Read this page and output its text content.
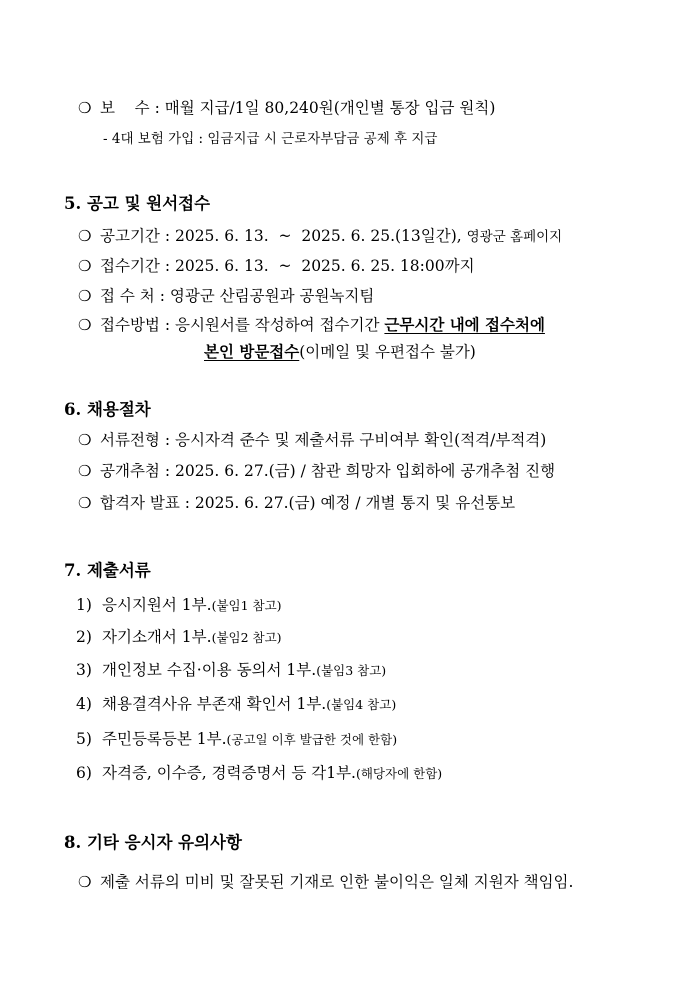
❍ 보    수 : 매월 지급/1일 80,240원(개인별 통장 입금 원칙)
- 4대 보험 가입 : 임금지급 시 근로자부담금 공제 후 지급
5. 공고 및 원서접수
❍ 공고기간 : 2025. 6. 13.  ~  2025. 6. 25.(13일간), 영광군 홈페이지
❍ 접수기간 : 2025. 6. 13.  ~  2025. 6. 25. 18:00까지
❍ 접 수 처 : 영광군 산림공원과 공원녹지팀
❍ 접수방법 : 응시원서를 작성하여 접수기간 근무시간 내에 접수처에
본인 방문접수(이메일 및 우편접수 불가)
6. 채용절차
❍ 서류전형 : 응시자격 준수 및 제출서류 구비여부 확인(적격/부적격)
❍ 공개추첨 : 2025. 6. 27.(금) / 참관 희망자 입회하에 공개추첨 진행
❍ 합격자 발표 : 2025. 6. 27.(금) 예정 / 개별 통지 및 유선통보
7. 제출서류
1) 응시지원서 1부.(붙임1 참고)
2) 자기소개서 1부.(붙임2 참고)
3) 개인정보 수집·이용 동의서 1부.(붙임3 참고)
4) 채용결격사유 부존재 확인서 1부.(붙임4 참고)
5) 주민등록등본 1부.(공고일 이후 발급한 것에 한함)
6) 자격증, 이수증, 경력증명서 등 각1부.(해당자에 한함)
8. 기타 응시자 유의사항
❍ 제출 서류의 미비 및 잘못된 기재로 인한 불이익은 일체 지원자 책임임.
